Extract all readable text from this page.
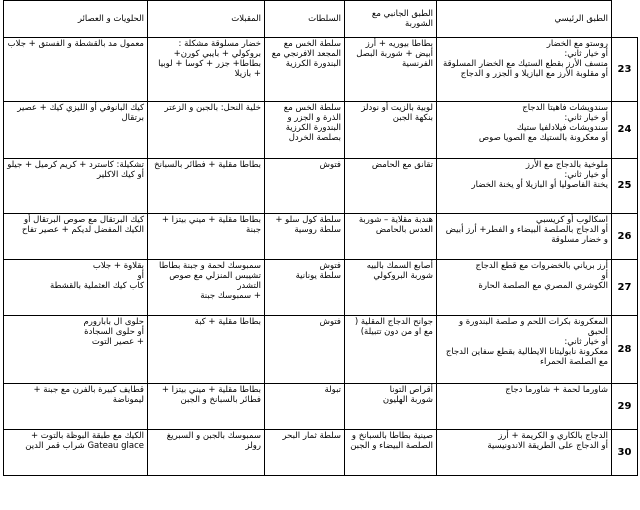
	الطبق الرئيسي	الطبق الجانبي مع الشوربة	السلطات	المقبلات	الحلويات و العصائر
23	روستو مع الخضار
أو خيار ثاني:
منسف الأرز بقطع الستيك مع الخضار المسلوقة
أو مقلوبة الأرز مع البازيلا و الجزر و الدجاج	بطاطا بيوريه + أرز أبيض + شوربة البصل الفرنسية	سلطة الخس مع المجعد الافرنجي مع البندورة الكرزية	خضار مسلوقة مشكلة : بروكولي + بايبي كورن+ بطاطا+ جزر + كوسا + لوبيا + بازيلا	معمول مد بالقشطة و الفستق + جلاب
24	سندويشات فاهيتا الدجاج
أو خيار ثاني:
سندويشات فيلادلفيا ستيك
أو معكرونة بالستيك مع الصويا صوص	لوبية بالزيت أو نودلز بنكهة الجبن	سلطة الخس مع الذرة و الجزر و البندورة الكرزية بصلصة الخردل	خلية النحل: بالجبن و الزعتر	كيك البانوفي أو الليزي كيك + عصير برتقال
25	ملوخية بالدجاج مع الأرز
أو خيار ثاني:
يخنة الفاصوليا أو البازيلا أو يخنة الخضار	تقانق مع الحامض	فتوش	بطاطا مقلية + فطائر بالسبانخ	تشكيلة: كاسترد + كريم كرميل + جيلو
أو كيك الاكلير
26	اسكالوب أو كريسبي
أو الدجاج بالصلصة البيضاء و الفطر+ أرز أبيض و خضار مسلوقة	هندبة مقلاية – شوربة العدس بالحامض	سلطة كول سلو + سلطة روسية	بطاطا مقلية + ميني بيتزا + جبنة	كيك البرتقال مع صوص البرتقال أو الكيك المفضل لديكم + عصير تفاح
27	أرز برياني بالخضروات مع قطع الدجاج
أو
الكوشري المصري مع الصلصة الحارة	أصابع السمك بالبيه
شوربة البروكولي	فتوش
سلطة يونانية	سمبوسك لحمة و جبنة بطاطا تشيبس المنزلي مع صوص التشدر
+ سمبوسك جبنة	بقلاوة + جلاب
أو
كاب كيك العثملية بالقشطة
28	المعكرونة بكرات اللحم و صلصة البندورة و الحبق
أو خيار ثاني:
معكرونة نابوليتانا الايطالية بقطع سفاين الدجاج مع الصلصة الحمراء	جوانح الدجاج المقلية ( مع او من دون تتبيلة)	فتوش	بطاطا مقلية + كبة	حلوى ال بابارورم
أو حلوى السجادة
+ عصير التوت
29	شاورما لحمة + شاورما دجاج	أقراص التونا
شوربة الهليون	تبولة	بطاطا مقلية + ميني بيتزا + فطائر بالسبانخ و الجبن	قطايف كبيرة بالفرن مع جبنة + ليموناضة
30	الدجاج بالكاري و الكريمة + أرز
أو الدجاج على الطريقة الاندونيسية	صينية بطاطا بالسبانخ و الصلصة البيضاء و الجبن	سلطة ثمار البحر	سمبوسك بالجبن و السبريغ رولز	الكيك مع طبقة البوظة بالتوت + Gateau glace شراب قمر الدين
